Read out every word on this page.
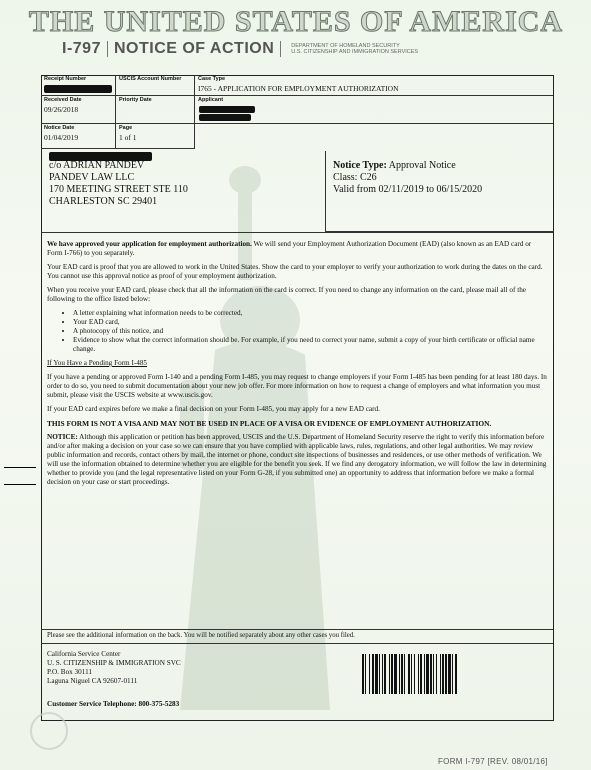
THE UNITED STATES OF AMERICA
I-797 NOTICE OF ACTION	DEPARTMENT OF HOMELAND SECURITY
U.S. CITIZENSHIP AND IMMIGRATION SERVICES
Receipt Number	USCIS Account Number	Case Type
I765 - APPLICATION FOR EMPLOYMENT AUTHORIZATION
Received Date
09/26/2018
Priority Date	Applicant
Notice Date
01/04/2019
Page
1 of 1
c/o ADRIAN PANDEV
PANDEV LAW LLC
170 MEETING STREET STE 110
CHARLESTON SC 29401
Notice Type: Approval Notice
Class: C26
Valid from 02/11/2019 to 06/15/2020

We have approved your application for employment authorization. We will send your Employment Authorization Document (EAD) (also known as an EAD card or Form I-766) to you separately.

Your EAD card is proof that you are allowed to work in the United States. Show the card to your employer to verify your authorization to work during the dates on the card. You cannot use this approval notice as proof of your employment authorization.

When you receive your EAD card, please check that all the information on the card is correct. If you need to change any information on the card, please mail all of the following to the office listed below:

• A letter explaining what information needs to be corrected,
• Your EAD card,
• A photocopy of this notice, and
• Evidence to show what the correct information should be. For example, if you need to correct your name, submit a copy of your birth certificate or official name change.

If You Have a Pending Form I-485

If you have a pending or approved Form I-140 and a pending Form I-485, you may request to change employers if your Form I-485 has been pending for at least 180 days. In order to do so, you need to submit documentation about your new job offer. For more information on how to request a change of employers and what information you must submit, please visit the USCIS website at www.uscis.gov.

If your EAD card expires before we make a final decision on your Form I-485, you may apply for a new EAD card.

THIS FORM IS NOT A VISA AND MAY NOT BE USED IN PLACE OF A VISA OR EVIDENCE OF EMPLOYMENT AUTHORIZATION.

NOTICE: Although this application or petition has been approved, USCIS and the U.S. Department of Homeland Security reserve the right to verify this information before and/or after making a decision on your case so we can ensure that you have complied with applicable laws, rules, regulations, and other legal authorities. We may review public information and records, contact others by mail, the internet or phone, conduct site inspections of businesses and residences, or use other methods of verification. We will use the information obtained to determine whether you are eligible for the benefit you seek. If we find any derogatory information, we will follow the law in determining whether to provide you (and the legal representative listed on your Form G-28, if you submitted one) an opportunity to address that information before we make a formal decision on your case or start proceedings.

Please see the additional information on the back. You will be notified separately about any other cases you filed.
California Service Center
U. S. CITIZENSHIP & IMMIGRATION SVC
P.O. Box 30111
Laguna Niguel CA 92607-0111
Customer Service Telephone: 800-375-5283
FORM I-797 [REV. 08/01/16]
